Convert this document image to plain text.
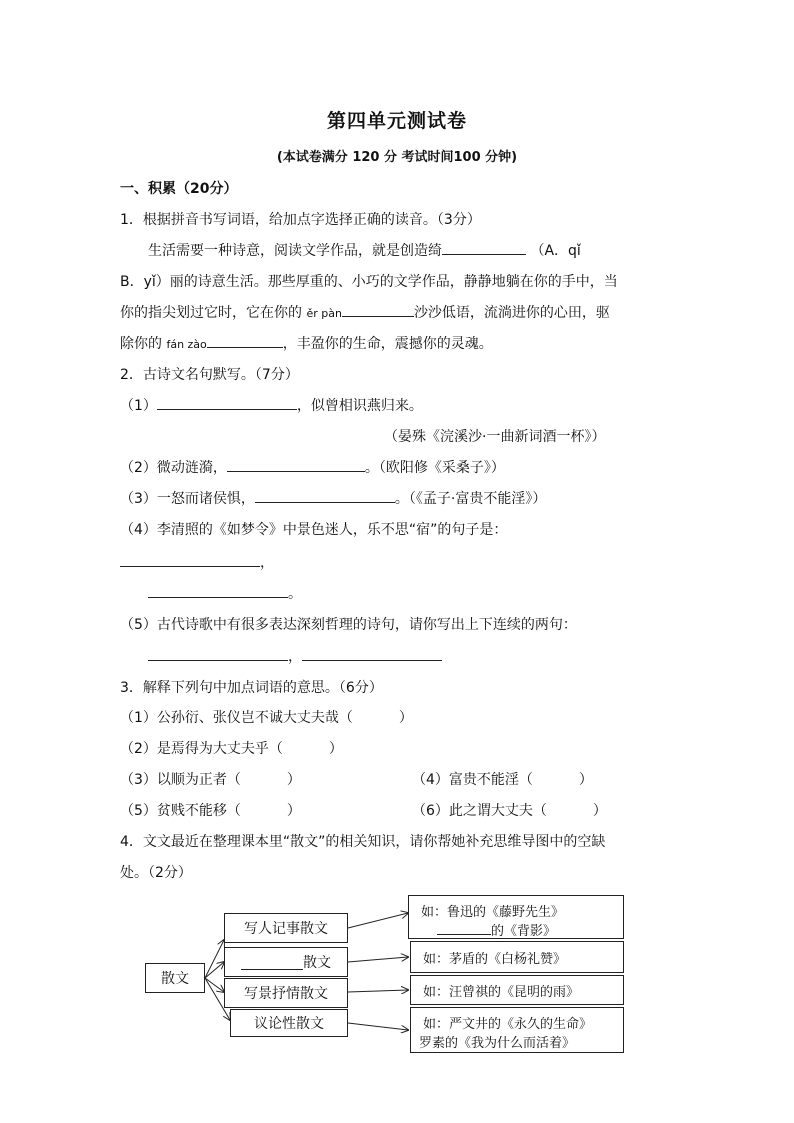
第四单元测试卷
(本试卷满分 120 分 考试时间100 分钟)
一、积累（20分）
1．根据拼音书写词语，给加点字选择正确的读音。（3分）
生活需要一种诗意，阅读文学作品，就是创造绮	（A．qǐ
B．yǐ）丽的诗意生活。那些厚重的、小巧的文学作品，静静地躺在你的手中，当
你的指尖划过它时，它在你的 ěr pàn	沙沙低语，流淌进你的心田，驱
除你的 fán zào	，丰盈你的生命，震撼你的灵魂。
2．古诗文名句默写。（7分）
（1）	，似曾相识燕归来。
（晏殊《浣溪沙·一曲新词酒一杯》）
（2）微动涟漪，	。（欧阳修《采桑子》）
（3）一怒而诸侯惧，	。（《孟子·富贵不能淫》）
（4）李清照的《如梦令》中景色迷人，乐不思“宿”的句子是：
，
。
（5）古代诗歌中有很多表达深刻哲理的诗句，请你写出上下连续的两句：
，
3．解释下列句中加点词语的意思。（6分）
（1）公孙衍、张仪岂不诚大丈夫哉（	）
（2）是焉得为大丈夫乎（	）
（3）以顺为正者（	）	（4）富贵不能淫（	）
（5）贫贱不能移（	）	（6）此之谓大丈夫（	）
4．文文最近在整理课本里“散文”的相关知识，请你帮她补充思维导图中的空缺
处。（2分）
散文
写人记事散文
散文
写景抒情散文
议论性散文
如：鲁迅的《藤野先生》
的《背影》
如：茅盾的《白杨礼赞》
如：汪曾祺的《昆明的雨》
如：严文井的《永久的生命》
罗素的《我为什么而活着》
